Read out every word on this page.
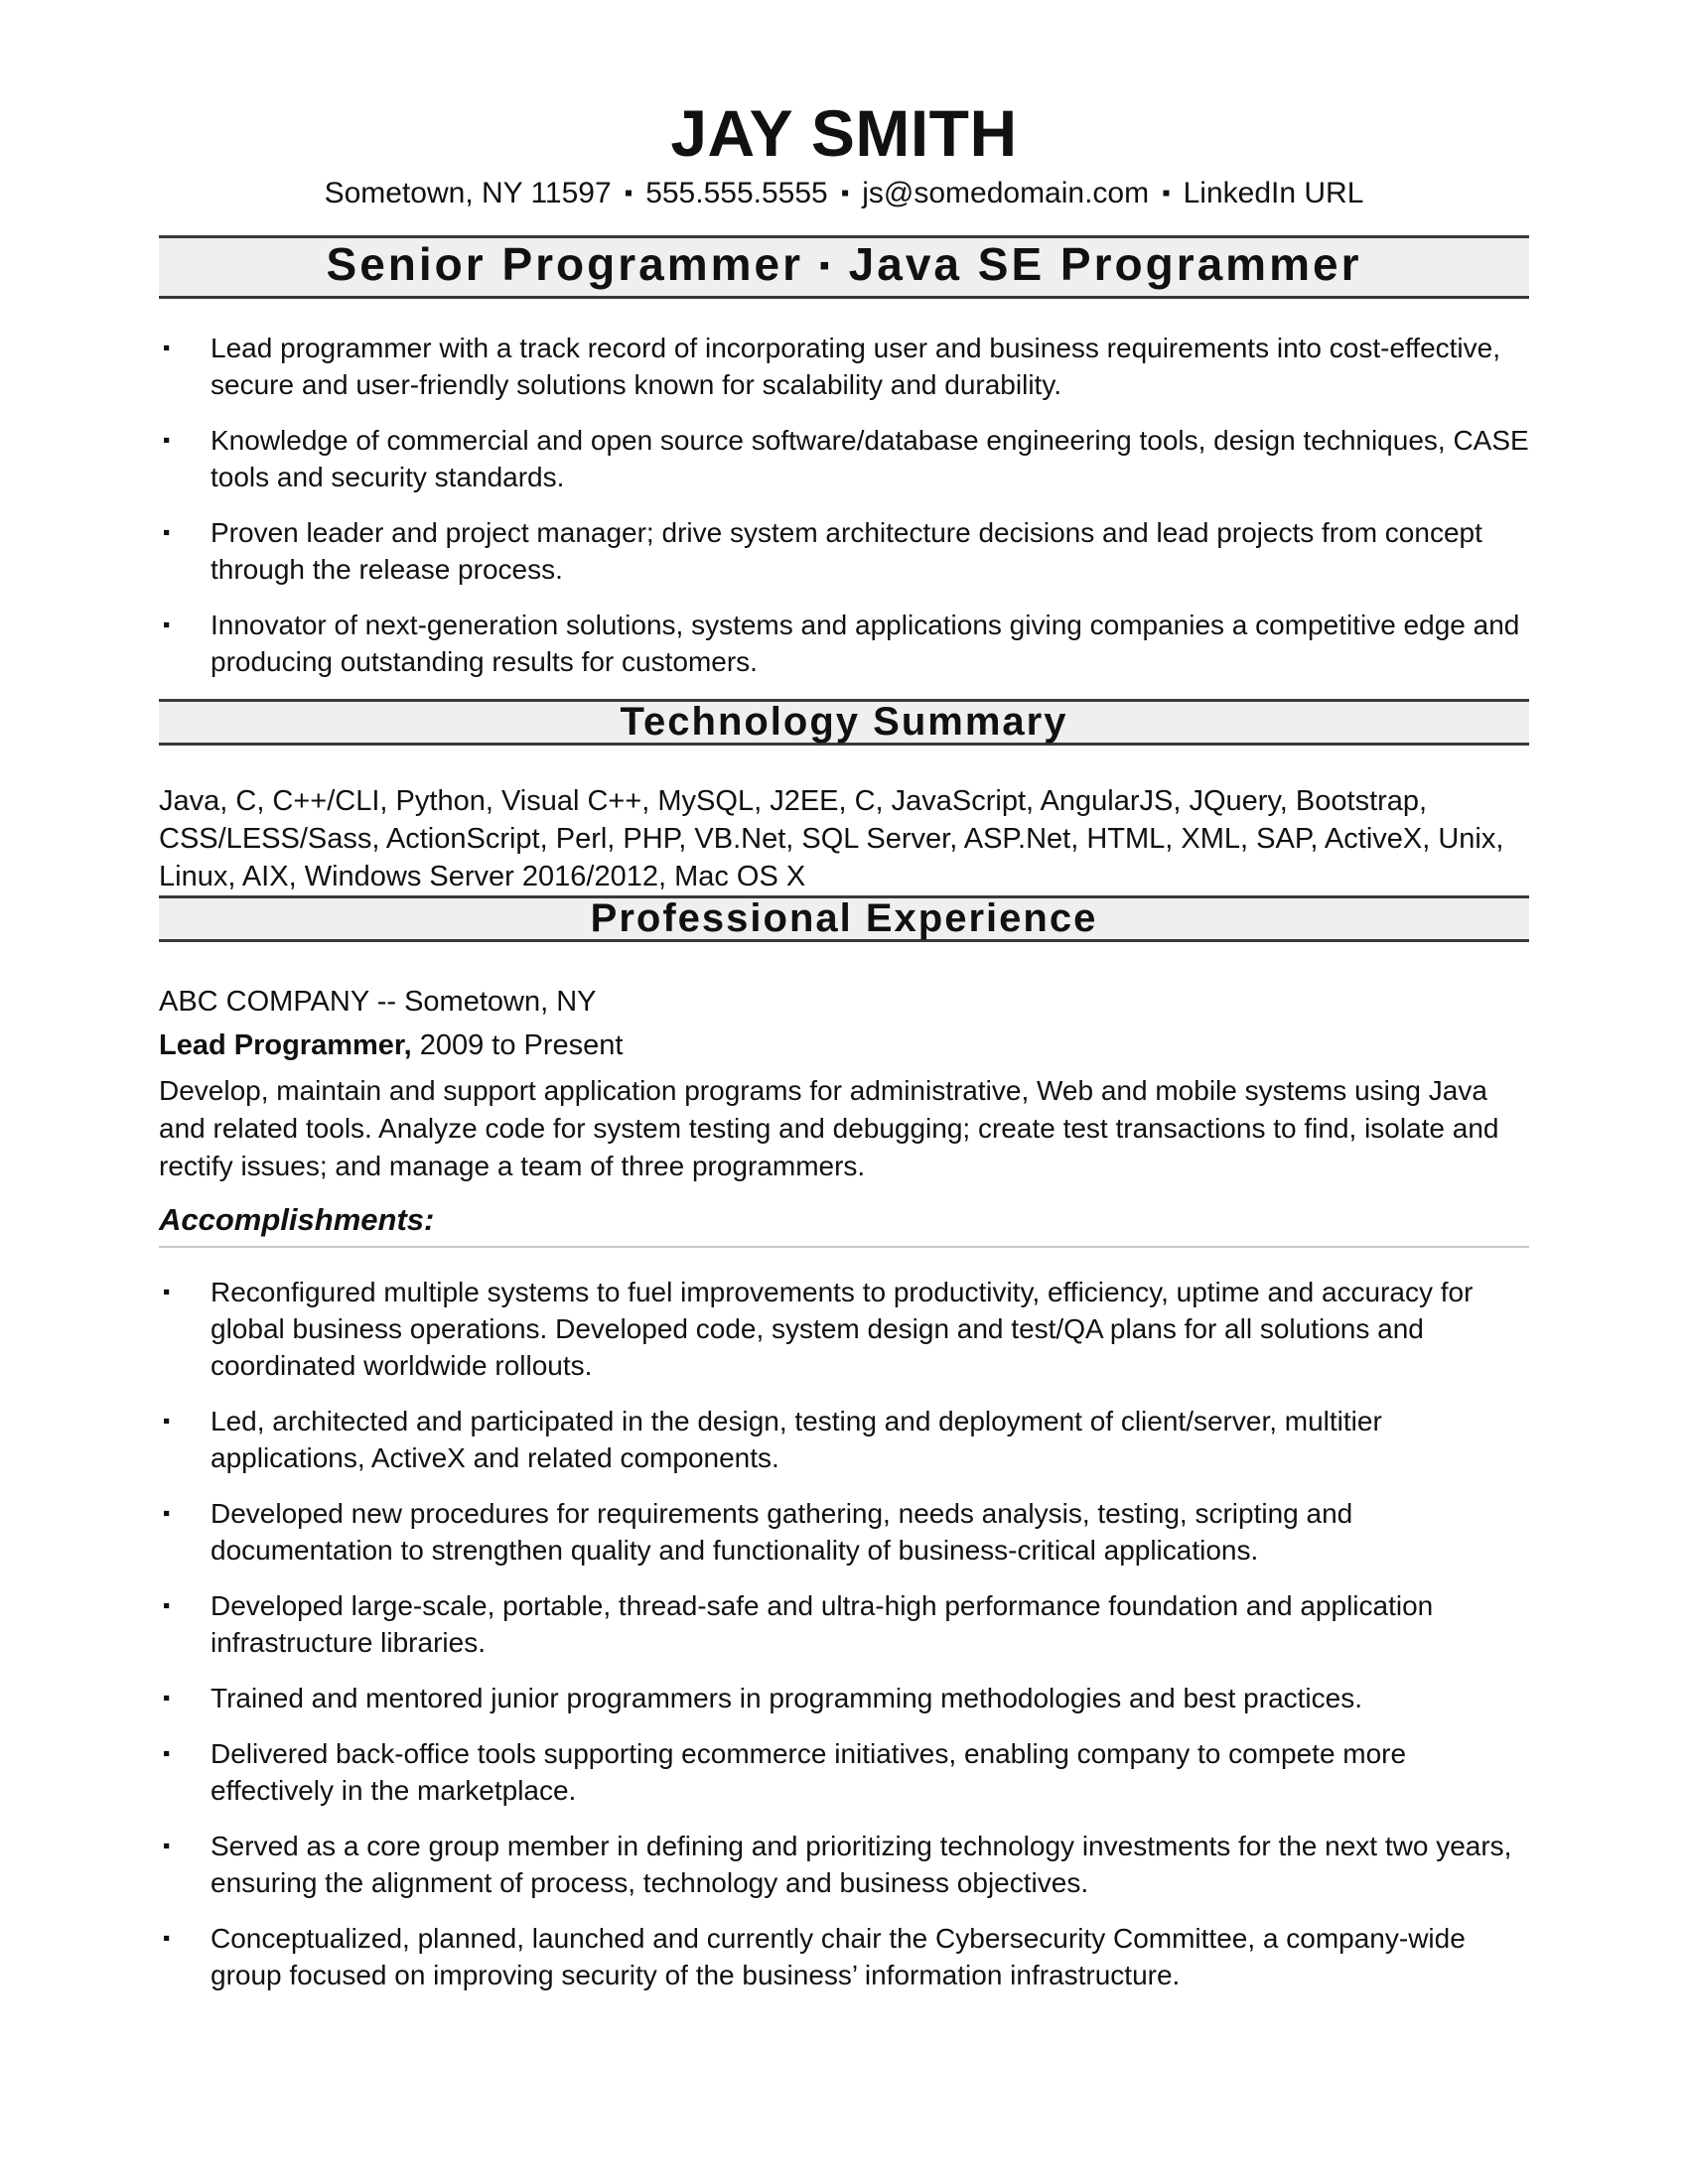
JAY SMITH
Sometown, NY 11597 ▪ 555.555.5555 ▪ js@somedomain.com ▪ LinkedIn URL
Senior Programmer ▪ Java SE Programmer
▪ Lead programmer with a track record of incorporating user and business requirements into cost-effective, secure and user-friendly solutions known for scalability and durability.
▪ Knowledge of commercial and open source software/database engineering tools, design techniques, CASE tools and security standards.
▪ Proven leader and project manager; drive system architecture decisions and lead projects from concept through the release process.
▪ Innovator of next-generation solutions, systems and applications giving companies a competitive edge and producing outstanding results for customers.
Technology Summary
Java, C, C++/CLI, Python, Visual C++, MySQL, J2EE, C, JavaScript, AngularJS, JQuery, Bootstrap, CSS/LESS/Sass, ActionScript, Perl, PHP, VB.Net, SQL Server, ASP.Net, HTML, XML, SAP, ActiveX, Unix, Linux, AIX, Windows Server 2016/2012, Mac OS X
Professional Experience
ABC COMPANY -- Sometown, NY
Lead Programmer, 2009 to Present
Develop, maintain and support application programs for administrative, Web and mobile systems using Java and related tools. Analyze code for system testing and debugging; create test transactions to find, isolate and rectify issues; and manage a team of three programmers.
Accomplishments:
▪ Reconfigured multiple systems to fuel improvements to productivity, efficiency, uptime and accuracy for global business operations. Developed code, system design and test/QA plans for all solutions and coordinated worldwide rollouts.
▪ Led, architected and participated in the design, testing and deployment of client/server, multitier applications, ActiveX and related components.
▪ Developed new procedures for requirements gathering, needs analysis, testing, scripting and documentation to strengthen quality and functionality of business-critical applications.
▪ Developed large-scale, portable, thread-safe and ultra-high performance foundation and application infrastructure libraries.
▪ Trained and mentored junior programmers in programming methodologies and best practices.
▪ Delivered back-office tools supporting ecommerce initiatives, enabling company to compete more effectively in the marketplace.
▪ Served as a core group member in defining and prioritizing technology investments for the next two years, ensuring the alignment of process, technology and business objectives.
▪ Conceptualized, planned, launched and currently chair the Cybersecurity Committee, a company-wide group focused on improving security of the business’ information infrastructure.
